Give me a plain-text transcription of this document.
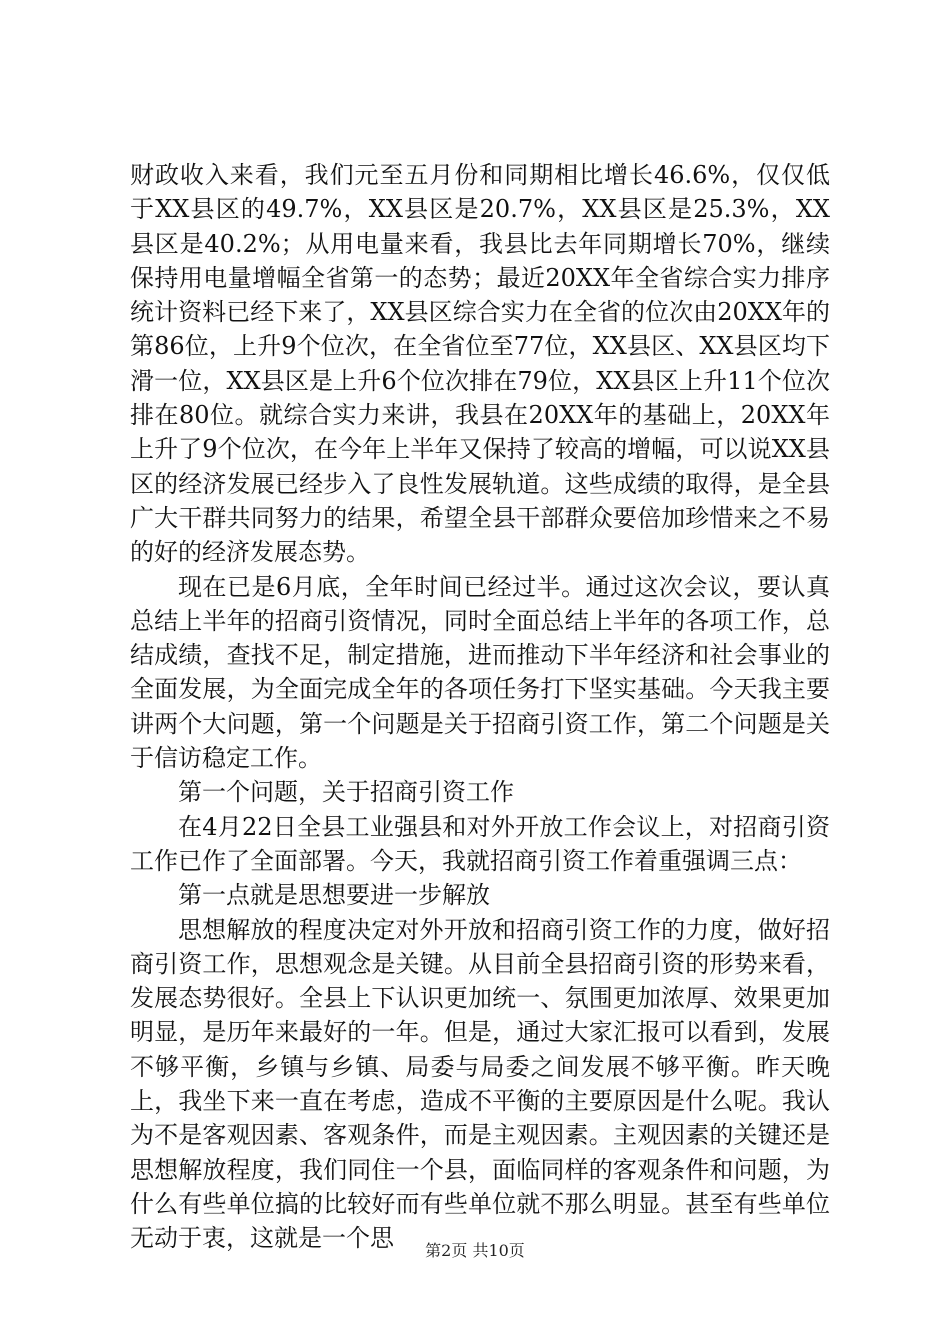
财政收入来看，我们元至五月份和同期相比增长46.6%，仅仅低于XX县区的49.7%，XX县区是20.7%，XX县区是25.3%，XX县区是40.2%；从用电量来看，我县比去年同期增长70%，继续保持用电量增幅全省第一的态势；最近20XX年全省综合实力排序统计资料已经下来了，XX县区综合实力在全省的位次由20XX年的第86位，上升9个位次，在全省位至77位，XX县区、XX县区均下滑一位，XX县区是上升6个位次排在79位，XX县区上升11个位次排在80位。就综合实力来讲，我县在20XX年的基础上，20XX年上升了9个位次，在今年上半年又保持了较高的增幅，可以说XX县区的经济发展已经步入了良性发展轨道。这些成绩的取得，是全县广大干群共同努力的结果，希望全县干部群众要倍加珍惜来之不易的好的经济发展态势。

现在已是6月底，全年时间已经过半。通过这次会议，要认真总结上半年的招商引资情况，同时全面总结上半年的各项工作，总结成绩，查找不足，制定措施，进而推动下半年经济和社会事业的全面发展，为全面完成全年的各项任务打下坚实基础。今天我主要讲两个大问题，第一个问题是关于招商引资工作，第二个问题是关于信访稳定工作。

第一个问题，关于招商引资工作

在4月22日全县工业强县和对外开放工作会议上，对招商引资工作已作了全面部署。今天，我就招商引资工作着重强调三点：

第一点就是思想要进一步解放

思想解放的程度决定对外开放和招商引资工作的力度，做好招商引资工作，思想观念是关键。从目前全县招商引资的形势来看，发展态势很好。全县上下认识更加统一、氛围更加浓厚、效果更加明显，是历年来最好的一年。但是，通过大家汇报可以看到，发展不够平衡，乡镇与乡镇、局委与局委之间发展不够平衡。昨天晚上，我坐下来一直在考虑，造成不平衡的主要原因是什么呢。我认为不是客观因素、客观条件，而是主观因素。主观因素的关键还是思想解放程度，我们同住一个县，面临同样的客观条件和问题，为什么有些单位搞的比较好而有些单位就不那么明显。甚至有些单位无动于衷，这就是一个思	第2页 共10页
